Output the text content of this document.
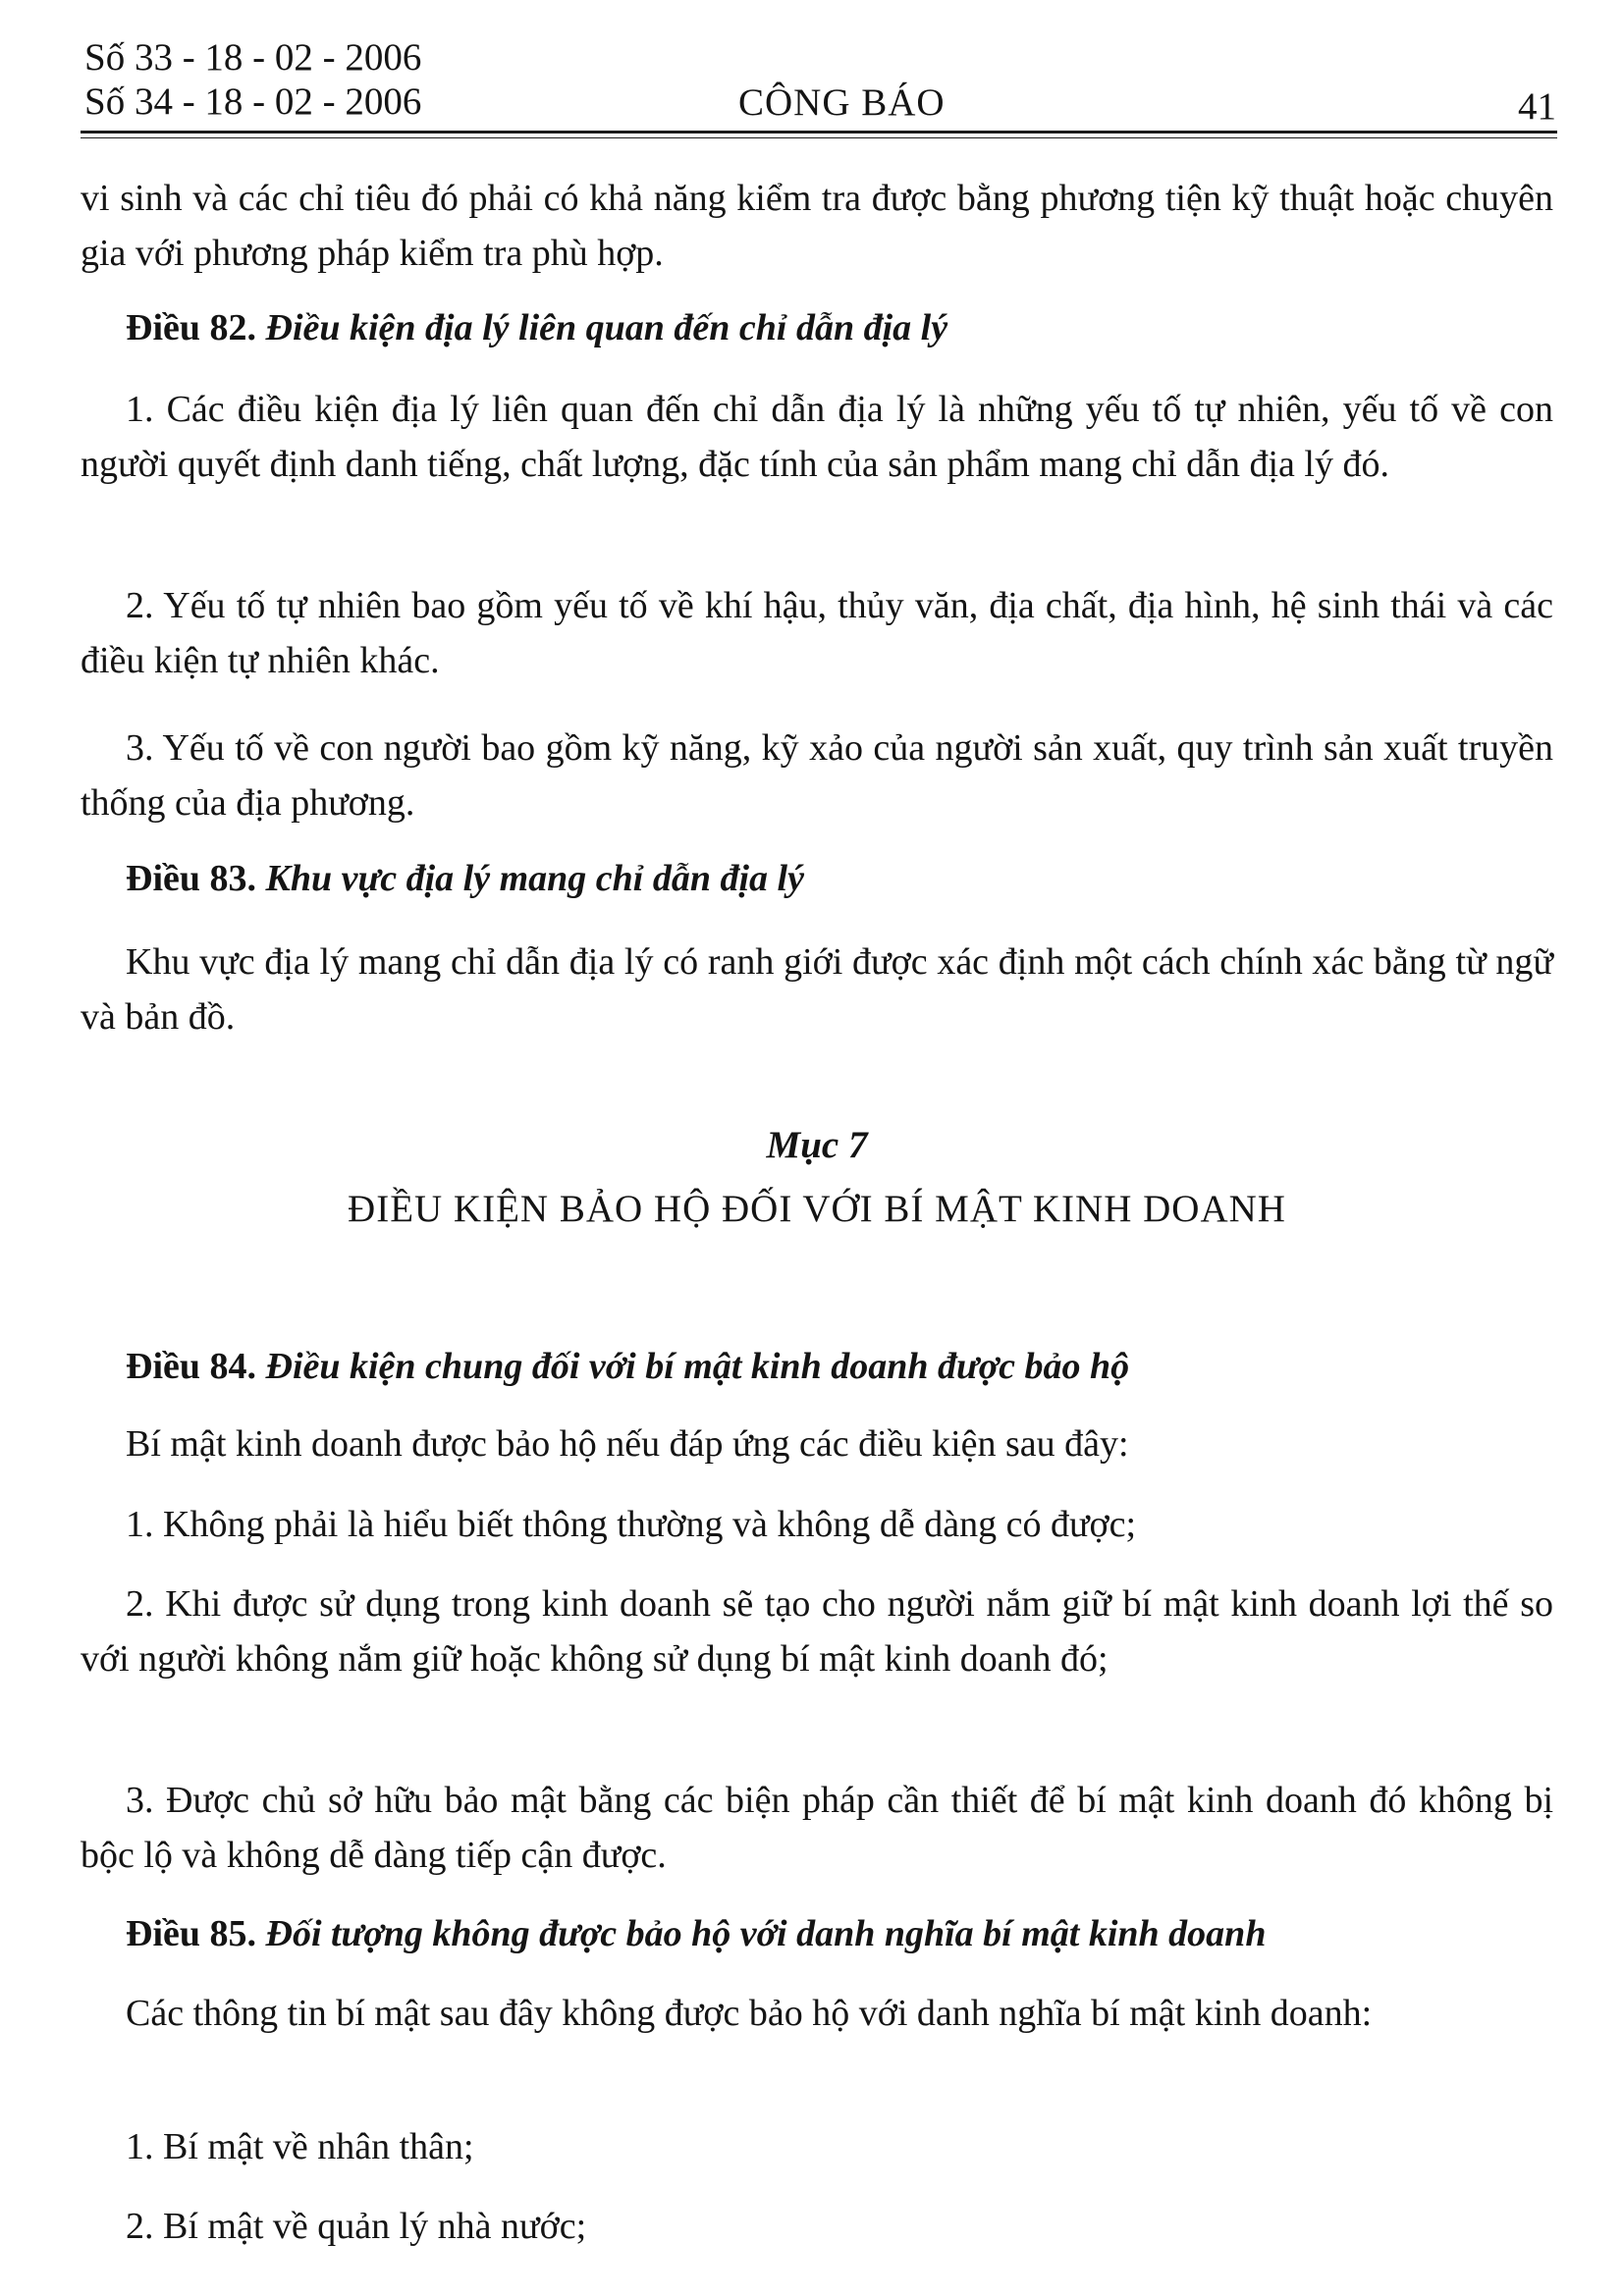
Số 33 - 18 - 02 - 2006
Số 34 - 18 - 02 - 2006	CÔNG BÁO	41
vi sinh và các chỉ tiêu đó phải có khả năng kiểm tra được bằng phương tiện kỹ thuật hoặc chuyên gia với phương pháp kiểm tra phù hợp.
Điều 82. Điều kiện địa lý liên quan đến chỉ dẫn địa lý
1. Các điều kiện địa lý liên quan đến chỉ dẫn địa lý là những yếu tố tự nhiên, yếu tố về con người quyết định danh tiếng, chất lượng, đặc tính của sản phẩm mang chỉ dẫn địa lý đó.
2. Yếu tố tự nhiên bao gồm yếu tố về khí hậu, thủy văn, địa chất, địa hình, hệ sinh thái và các điều kiện tự nhiên khác.
3. Yếu tố về con người bao gồm kỹ năng, kỹ xảo của người sản xuất, quy trình sản xuất truyền thống của địa phương.
Điều 83. Khu vực địa lý mang chỉ dẫn địa lý
Khu vực địa lý mang chỉ dẫn địa lý có ranh giới được xác định một cách chính xác bằng từ ngữ và bản đồ.
Mục 7
ĐIỀU KIỆN BẢO HỘ ĐỐI VỚI BÍ MẬT KINH DOANH
Điều 84. Điều kiện chung đối với bí mật kinh doanh được bảo hộ
Bí mật kinh doanh được bảo hộ nếu đáp ứng các điều kiện sau đây:
1. Không phải là hiểu biết thông thường và không dễ dàng có được;
2. Khi được sử dụng trong kinh doanh sẽ tạo cho người nắm giữ bí mật kinh doanh lợi thế so với người không nắm giữ hoặc không sử dụng bí mật kinh doanh đó;
3. Được chủ sở hữu bảo mật bằng các biện pháp cần thiết để bí mật kinh doanh đó không bị bộc lộ và không dễ dàng tiếp cận được.
Điều 85. Đối tượng không được bảo hộ với danh nghĩa bí mật kinh doanh
Các thông tin bí mật sau đây không được bảo hộ với danh nghĩa bí mật kinh doanh:
1. Bí mật về nhân thân;
2. Bí mật về quản lý nhà nước;
